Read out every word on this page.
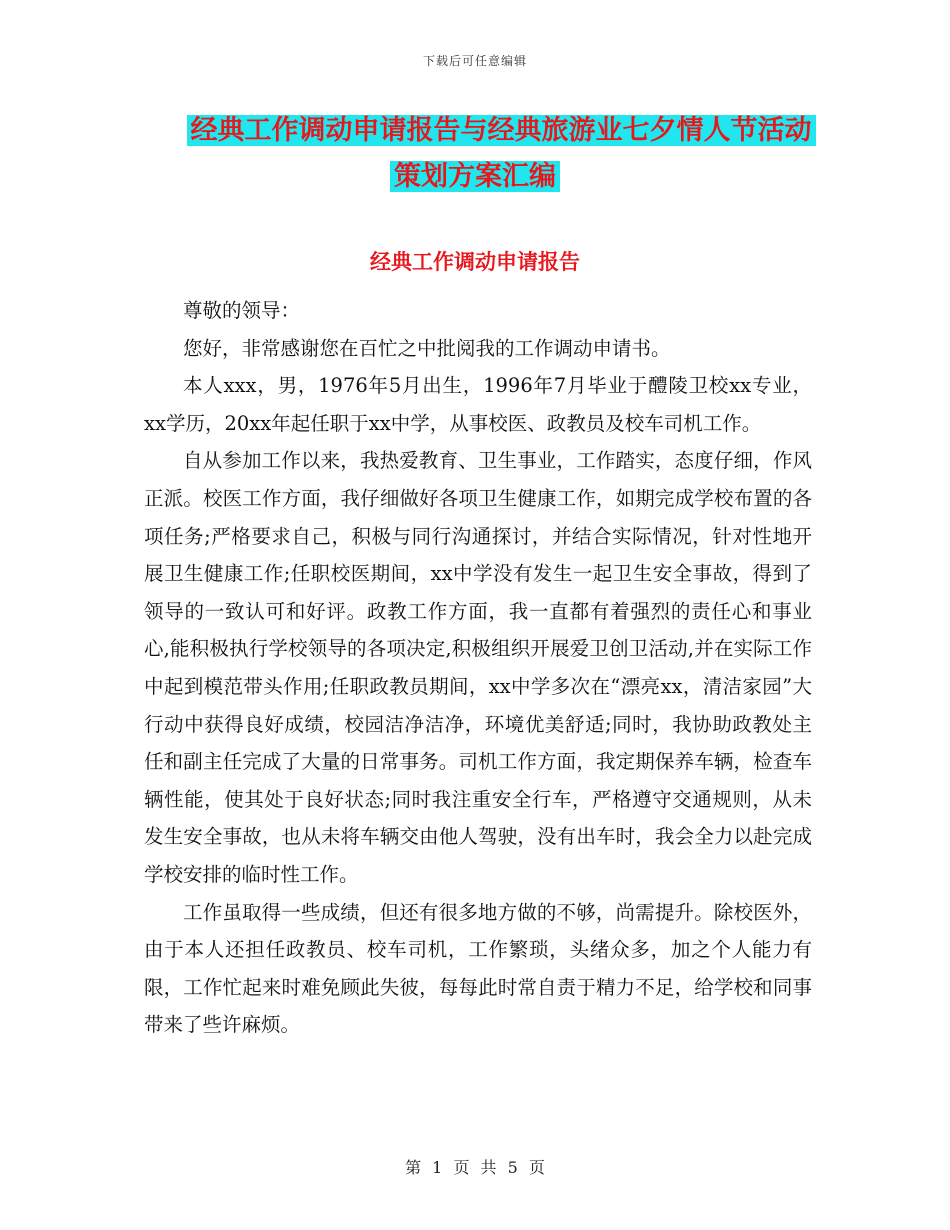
下载后可任意编辑
经典工作调动申请报告与经典旅游业七夕情人节活动
策划方案汇编
经典工作调动申请报告

尊敬的领导：

您好，非常感谢您在百忙之中批阅我的工作调动申请书。

本人xxx，男，1976年5月出生，1996年7月毕业于醴陵卫校xx专业，xx学历，20xx年起任职于xx中学，从事校医、政教员及校车司机工作。

自从参加工作以来，我热爱教育、卫生事业，工作踏实，态度仔细，作风正派。校医工作方面，我仔细做好各项卫生健康工作，如期完成学校布置的各项任务;严格要求自己，积极与同行沟通探讨，并结合实际情况，针对性地开展卫生健康工作;任职校医期间，xx中学没有发生一起卫生安全事故，得到了领导的一致认可和好评。政教工作方面，我一直都有着强烈的责任心和事业心,能积极执行学校领导的各项决定,积极组织开展爱卫创卫活动,并在实际工作中起到模范带头作用;任职政教员期间，xx中学多次在“漂亮xx，清洁家园”大行动中获得良好成绩，校园洁净洁净，环境优美舒适;同时，我协助政教处主任和副主任完成了大量的日常事务。司机工作方面，我定期保养车辆，检查车辆性能，使其处于良好状态;同时我注重安全行车，严格遵守交通规则，从未发生安全事故，也从未将车辆交由他人驾驶，没有出车时，我会全力以赴完成学校安排的临时性工作。

工作虽取得一些成绩，但还有很多地方做的不够，尚需提升。除校医外，由于本人还担任政教员、校车司机，工作繁琐，头绪众多，加之个人能力有限，工作忙起来时难免顾此失彼，每每此时常自责于精力不足，给学校和同事带来了些许麻烦。

第 1 页 共 5 页
